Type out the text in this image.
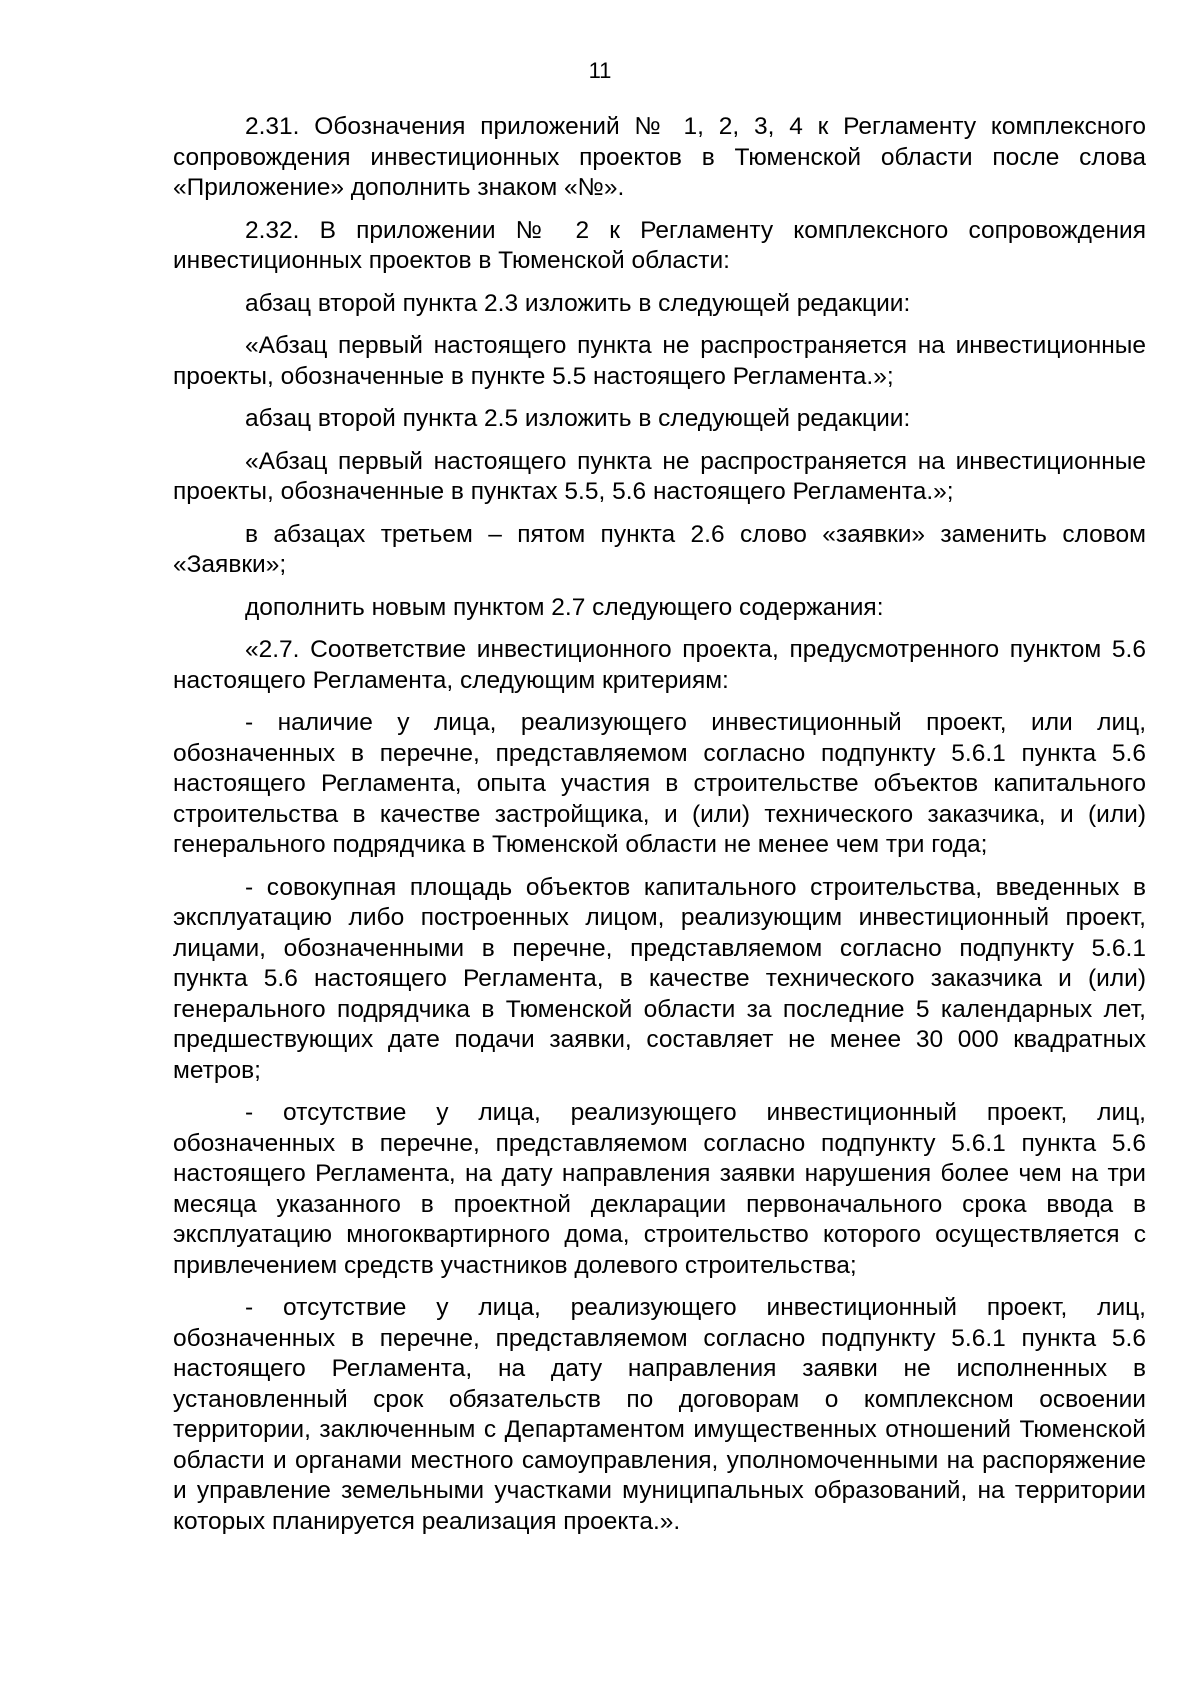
11

2.31. Обозначения приложений № 1, 2, 3, 4 к Регламенту комплексного сопровождения инвестиционных проектов в Тюменской области после слова «Приложение» дополнить знаком «№».

2.32. В приложении № 2 к Регламенту комплексного сопровождения инвестиционных проектов в Тюменской области:

абзац второй пункта 2.3 изложить в следующей редакции:

«Абзац первый настоящего пункта не распространяется на инвестиционные проекты, обозначенные в пункте 5.5 настоящего Регламента.»;

абзац второй пункта 2.5 изложить в следующей редакции:

«Абзац первый настоящего пункта не распространяется на инвестиционные проекты, обозначенные в пунктах 5.5, 5.6 настоящего Регламента.»;

в абзацах третьем – пятом пункта 2.6 слово «заявки» заменить словом «Заявки»;

дополнить новым пунктом 2.7 следующего содержания:

«2.7. Соответствие инвестиционного проекта, предусмотренного пунктом 5.6 настоящего Регламента, следующим критериям:

- наличие у лица, реализующего инвестиционный проект, или лиц, обозначенных в перечне, представляемом согласно подпункту 5.6.1 пункта 5.6 настоящего Регламента, опыта участия в строительстве объектов капитального строительства в качестве застройщика, и (или) технического заказчика, и (или) генерального подрядчика в Тюменской области не менее чем три года;

- совокупная площадь объектов капитального строительства, введенных в эксплуатацию либо построенных лицом, реализующим инвестиционный проект, лицами, обозначенными в перечне, представляемом согласно подпункту 5.6.1 пункта 5.6 настоящего Регламента, в качестве технического заказчика и (или) генерального подрядчика в Тюменской области за последние 5 календарных лет, предшествующих дате подачи заявки, составляет не менее 30 000 квадратных метров;

- отсутствие у лица, реализующего инвестиционный проект, лиц, обозначенных в перечне, представляемом согласно подпункту 5.6.1 пункта 5.6 настоящего Регламента, на дату направления заявки нарушения более чем на три месяца указанного в проектной декларации первоначального срока ввода в эксплуатацию многоквартирного дома, строительство которого осуществляется с привлечением средств участников долевого строительства;

- отсутствие у лица, реализующего инвестиционный проект, лиц, обозначенных в перечне, представляемом согласно подпункту 5.6.1 пункта 5.6 настоящего Регламента, на дату направления заявки не исполненных в установленный срок обязательств по договорам о комплексном освоении территории, заключенным с Департаментом имущественных отношений Тюменской области и органами местного самоуправления, уполномоченными на распоряжение и управление земельными участками муниципальных образований, на территории которых планируется реализация проекта.».
